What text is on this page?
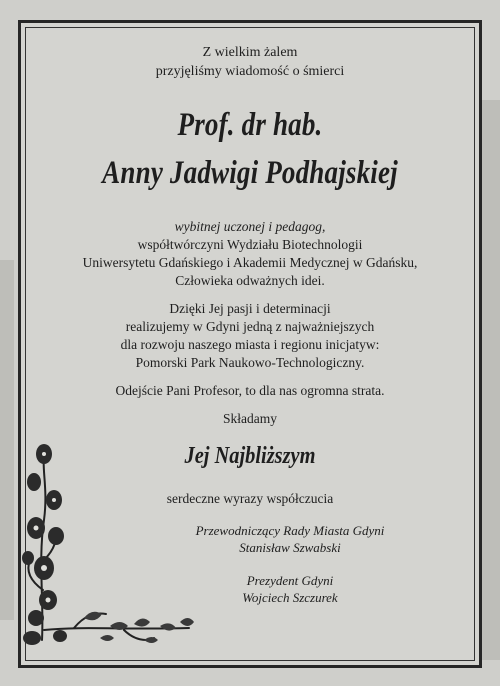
Z wielkim żalem
przyjęliśmy wiadomość o śmierci
Prof. dr hab.
Anny Jadwigi Podhajskiej
wybitnej uczonej i pedagog,
współtwórczyni Wydziału Biotechnologii
Uniwersytetu Gdańskiego i Akademii Medycznej w Gdańsku,
Człowieka odważnych idei.
Dzięki Jej pasji i determinacji
realizujemy w Gdyni jedną z najważniejszych
dla rozwoju naszego miasta i regionu inicjatyw:
Pomorski Park Naukowo-Technologiczny.
Odejście Pani Profesor, to dla nas ogromna strata.
Składamy
Jej Najbliższym
serdeczne wyrazy współczucia
Przewodniczący Rady Miasta Gdyni
Stanisław Szwabski
Prezydent Gdyni
Wojciech Szczurek
